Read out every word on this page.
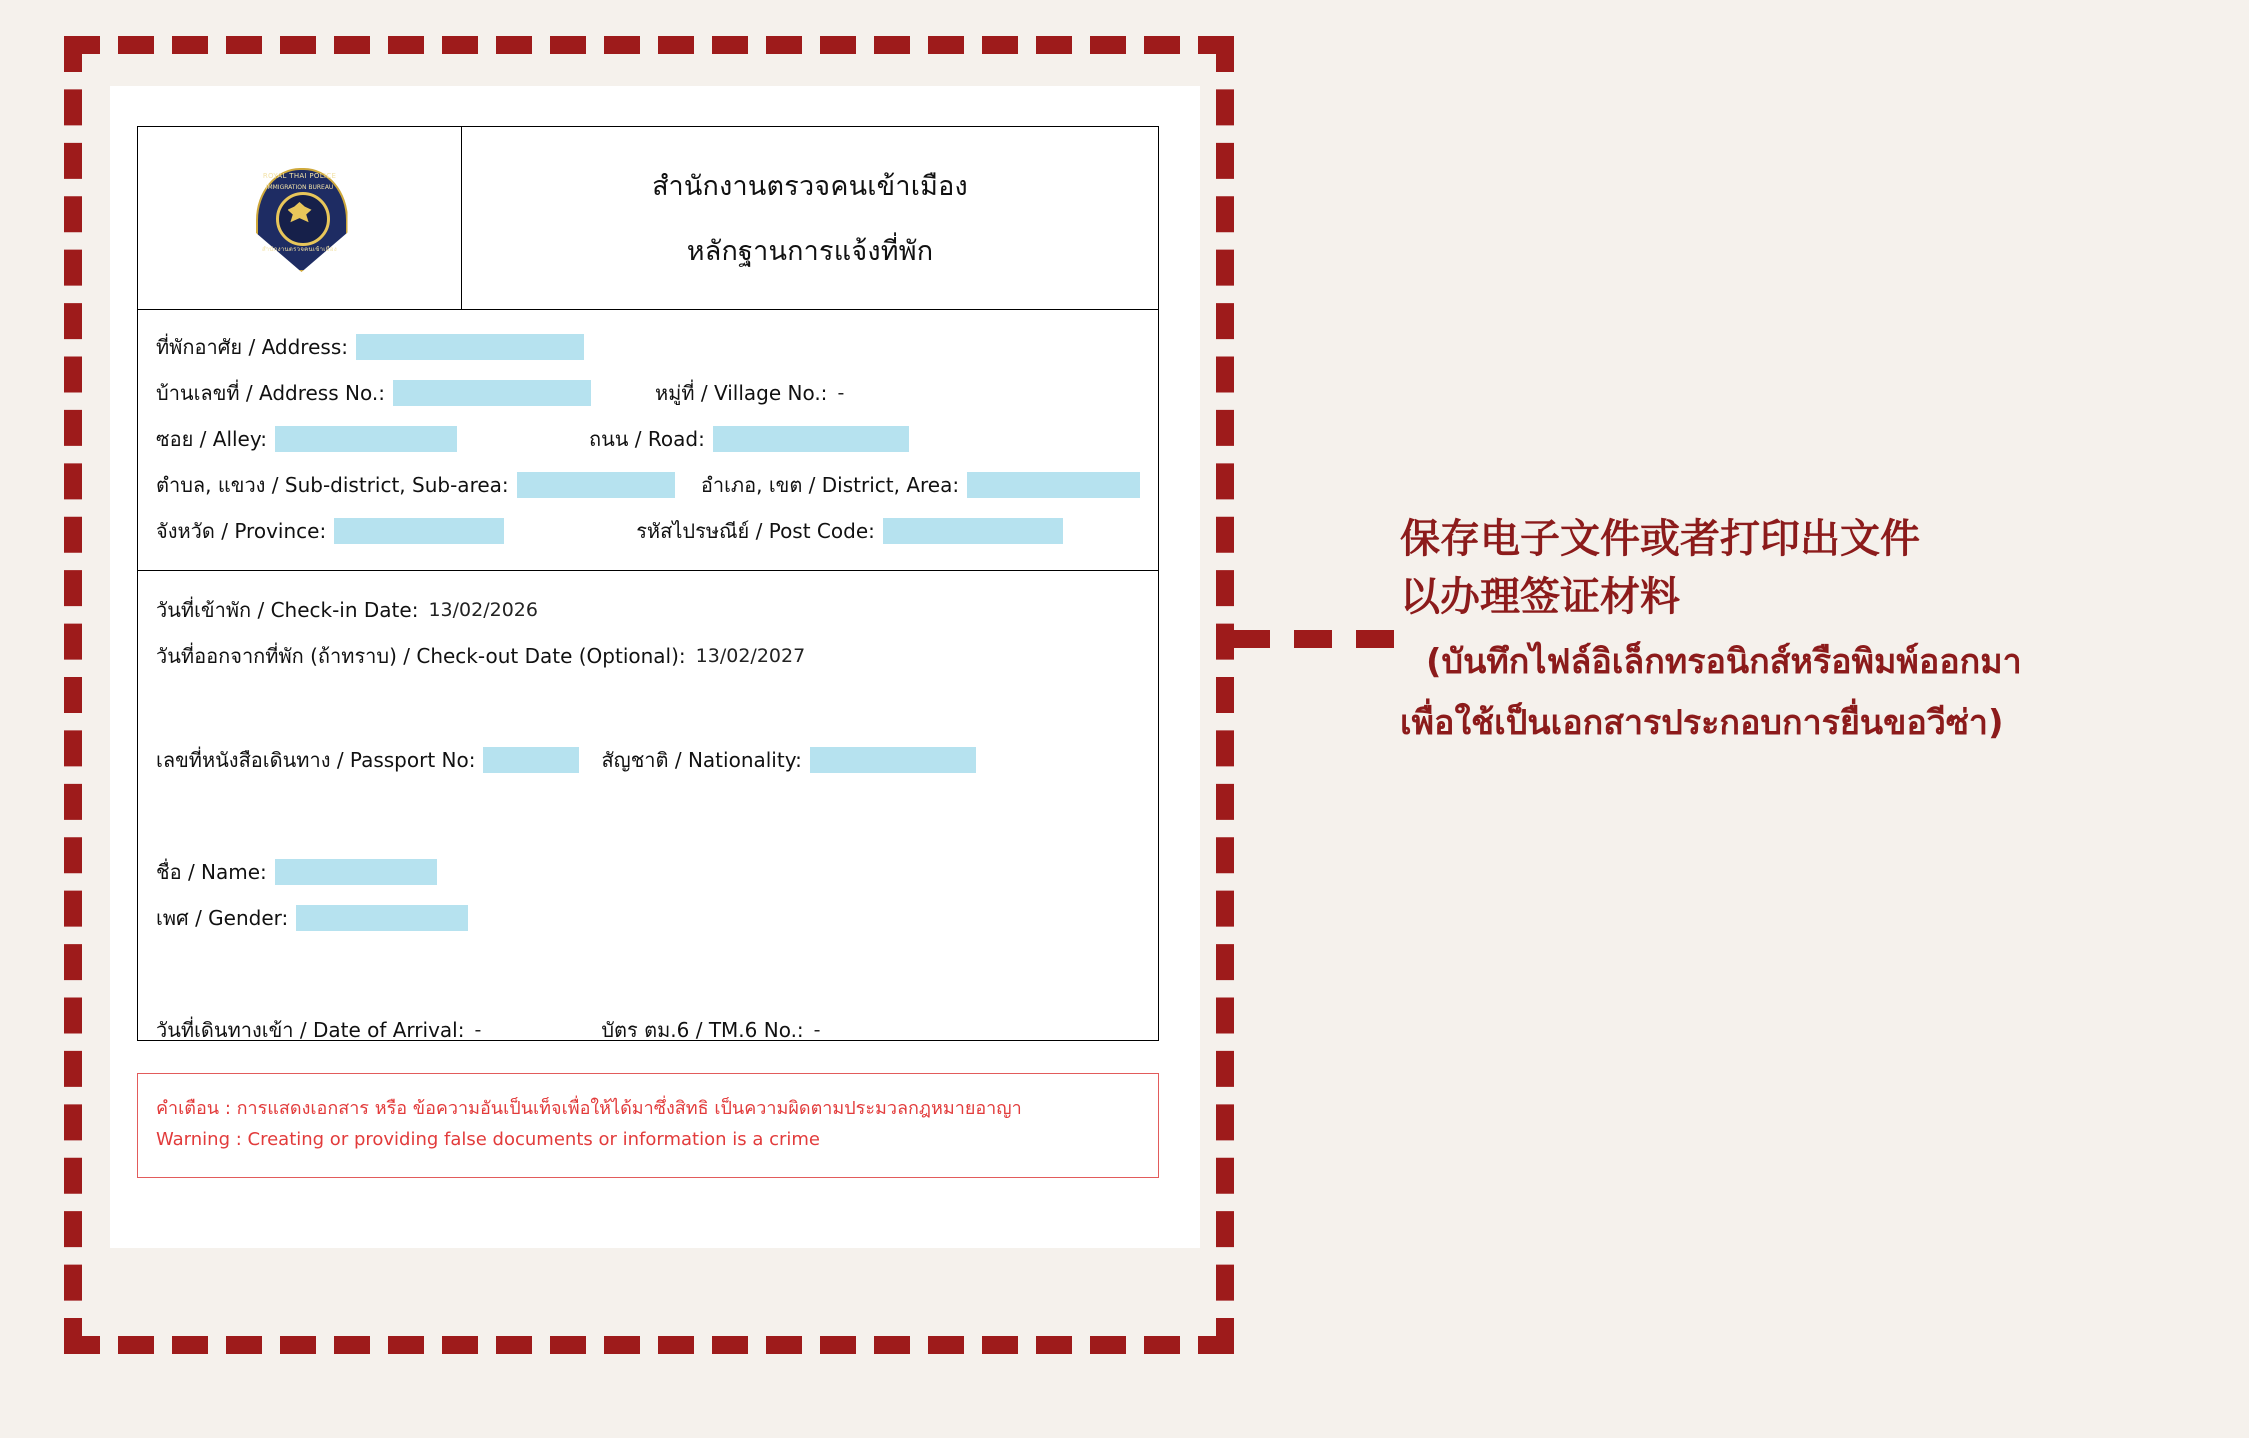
ROYAL THAI POLICE
IMMIGRATION BUREAU
สำนักงานตรวจคนเข้าเมือง
สำนักงานตรวจคนเข้าเมือง
หลักฐานการแจ้งที่พัก
ที่พักอาศัย / Address:
บ้านเลขที่ / Address No.:	หมู่ที่ / Village No.: -
ซอย / Alley:	ถนน / Road:
ตำบล, แขวง / Sub-district, Sub-area:	อำเภอ, เขต / District, Area:
จังหวัด / Province:	รหัสไปรษณีย์ / Post Code:
วันที่เข้าพัก / Check-in Date: 13/02/2026
วันที่ออกจากที่พัก (ถ้าทราบ) / Check-out Date (Optional): 13/02/2027
เลขที่หนังสือเดินทาง / Passport No:	สัญชาติ / Nationality:
ชื่อ / Name:
เพศ / Gender:
วันที่เดินทางเข้า / Date of Arrival: -	บัตร ตม.6 / TM.6 No.: -
คำเตือน : การแสดงเอกสาร หรือ ข้อความอันเป็นเท็จเพื่อให้ได้มาซึ่งสิทธิ เป็นความผิดตามประมวลกฎหมายอาญา
Warning : Creating or providing false documents or information is a crime
保存电子文件或者打印出文件
以办理签证材料
(บันทึกไฟล์อิเล็กทรอนิกส์หรือพิมพ์ออกมา
เพื่อใช้เป็นเอกสารประกอบการยื่นขอวีซ่า)
